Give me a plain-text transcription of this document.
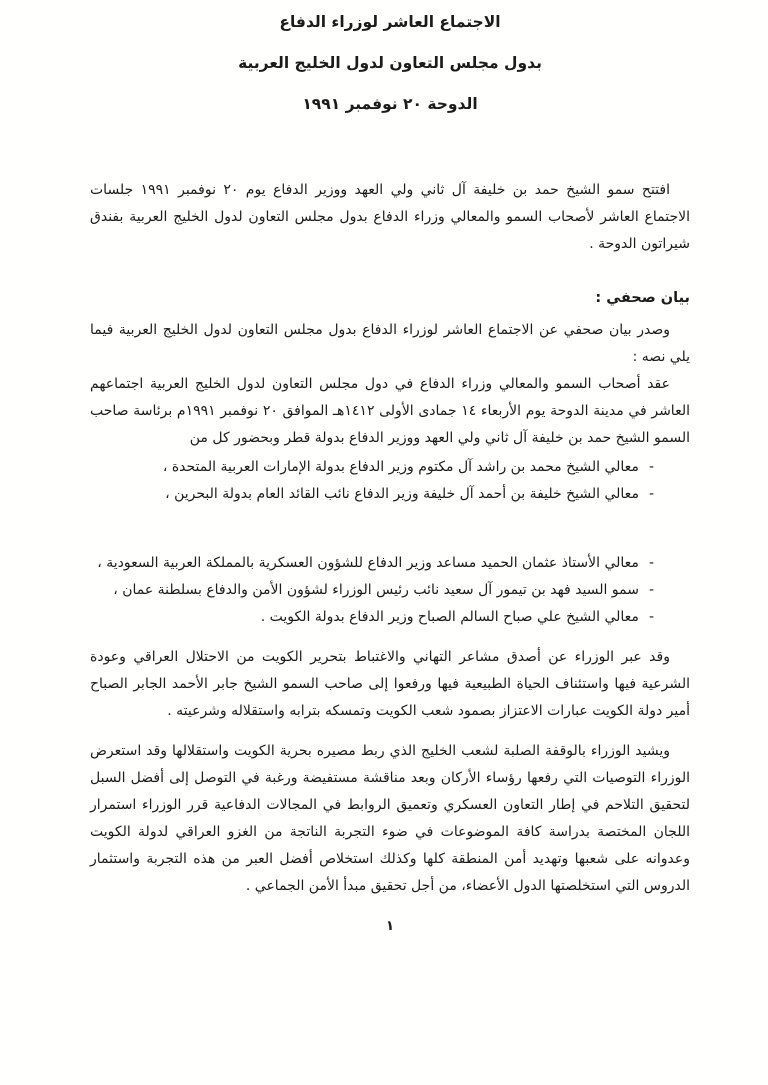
الاجتماع العاشر لوزراء الدفاع
بدول مجلس التعاون لدول الخليج العربية
الدوحة ٢٠ نوفمبر ١٩٩١

افتتح سمو الشيخ حمد بن خليفة آل ثاني ولي العهد ووزير الدفاع يوم ٢٠ نوفمبر ١٩٩١ جلسات الاجتماع العاشر لأصحاب السمو والمعالي وزراء الدفاع بدول مجلس التعاون لدول الخليج العربية بفندق شيراتون الدوحة .

بيان صحفي :

وصدر بيان صحفي عن الاجتماع العاشر لوزراء الدفاع بدول مجلس التعاون لدول الخليج العربية فيما يلي نصه :

عقد أصحاب السمو والمعالي وزراء الدفاع في دول مجلس التعاون لدول الخليج العربية اجتماعهم العاشر في مدينة الدوحة يوم الأربعاء ١٤ جمادى الأولى ١٤١٢هـ الموافق ٢٠ نوفمبر ١٩٩١م برئاسة صاحب السمو الشيخ حمد بن خليفة آل ثاني ولي العهد ووزير الدفاع بدولة قطر وبحضور كل من

-
معالي الشيخ محمد بن راشد آل مكتوم وزير الدفاع بدولة الإمارات العربية المتحدة ،
-
معالي الشيخ خليفة بن أحمد آل خليفة وزير الدفاع نائب القائد العام بدولة البحرين ،
-
معالي الأستاذ عثمان الحميد مساعد وزير الدفاع للشؤون العسكرية بالمملكة العربية السعودية ،
-
سمو السيد فهد بن تيمور آل سعيد نائب رئيس الوزراء لشؤون الأمن والدفاع بسلطنة عمان ،
-
معالي الشيخ علي صباح السالم الصباح وزير الدفاع بدولة الكويت .

وقد عبر الوزراء عن أصدق مشاعر التهاني والاغتباط بتحرير الكويت من الاحتلال العراقي وعودة الشرعية فيها واستئناف الحياة الطبيعية فيها ورفعوا إلى صاحب السمو الشيخ جابر الأحمد الجابر الصباح أمير دولة الكويت عبارات الاعتزاز بصمود شعب الكويت وتمسكه بترابه واستقلاله وشرعيته .

ويشيد الوزراء بالوقفة الصلبة لشعب الخليج الذي ربط مصيره بحرية الكويت واستقلالها وقد استعرض الوزراء التوصيات التي رفعها رؤساء الأركان وبعد مناقشة مستفيضة ورغبة في التوصل إلى أفضل السبل لتحقيق التلاحم في إطار التعاون العسكري وتعميق الروابط في المجالات الدفاعية قرر الوزراء استمرار اللجان المختصة بدراسة كافة الموضوعات في ضوء التجربة الناتجة من الغزو العراقي لدولة الكويت وعدوانه على شعبها وتهديد أمن المنطقة كلها وكذلك استخلاص أفضل العبر من هذه التجربة واستثمار الدروس التي استخلصتها الدول الأعضاء، من أجل تحقيق مبدأ الأمن الجماعي .

١
